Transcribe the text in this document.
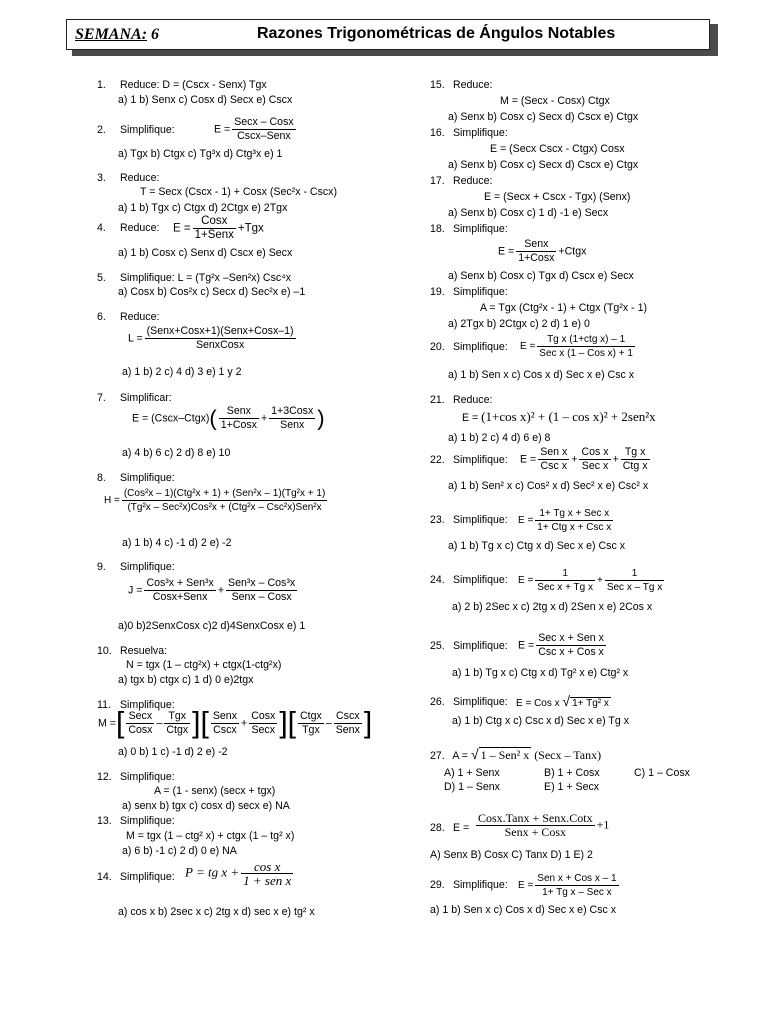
SEMANA: 6	Razones Trigonométricas de Ángulos Notables
1. Reduce: D = (Cscx - Senx) Tgx
a) 1 b) Senx c) Cosx d) Secx e) Cscx
2. Simplifique:	$E = \frac{\text{Secx – Cosx}}{\text{Cscx–Senx}}$
a) Tgx b) Ctgx c) Tg³x d) Ctg³x e) 1
3. Reduce:
T = Secx (Cscx - 1) + Cosx (Sec²x - Cscx)
a) 1 b) Tgx c) Ctgx d) 2Ctgx e) 2Tgx
4. Reduce: $E = \frac{\text{Cosx}}{\text{1+Senx}} +Tgx$
a) 1 b) Cosx c) Senx d) Cscx e) Secx
5. Simplifique: L = (Tg²x –Sen²x) Csc⁴x
a) Cosx b) Cos²x c) Secx d) Sec²x e) –1
6. Reduce:
$L = \frac{\text{(Senx+Cosx+1)(Senx+Cosx–1)}}{\text{SenxCosx}}$
a) 1 b) 2 c) 4 d) 3 e) 1 y 2
7. Simplificar:
E = (Cscx–Ctgx)( $\frac{\text{Senx}}{\text{1+Cosx}} + \frac{\text{1+3Cosx}}{\text{Senx}}$ )
a) 4 b) 6 c) 2 d) 8 e) 10
8. Simplifique:
$H = \frac{\text{(Cos²x – 1)(Ctg²x + 1) + (Sen²x – 1)(Tg²x + 1)}}{\text{(Tg²x – Sec²x)Cos²x + (Ctg²x – Csc²x)Sen²x}}$
a) 1 b) 4 c) -1 d) 2 e) -2
9. Simplifique:
$J = \frac{\text{Cos³x + Sen³x}}{\text{Cosx+Senx}} + \frac{\text{Sen³x – Cos³x}}{\text{Senx – Cosx}}$
a)0 b)2SenxCosx c)2 d)4SenxCosx e) 1
10. Resuelva:
N = tgx (1 – ctg²x) + ctgx(1-ctg²x)
a) tgx b) ctgx c) 1 d) 0 e)2tgx
11. Simplifique:
M =[ $\frac{\text{Secx}}{\text{Cosx}} - \frac{\text{Tgx}}{\text{Ctgx}}$ ][ $\frac{\text{Senx}}{\text{Cscx}} + \frac{\text{Cosx}}{\text{Secx}}$ ][ $\frac{\text{Ctgx}}{\text{Tgx}} - \frac{\text{Cscx}}{\text{Senx}}$ ]
a) 0 b) 1 c) -1 d) 2 e) -2
12. Simplifique:
A = (1 - senx) (secx + tgx)
a) senx b) tgx c) cosx d) secx e) NA
13. Simplifique:
M = tgx (1 – ctg² x) + ctgx (1 – tg² x)
a) 6 b) -1 c) 2 d) 0 e) NA
14. Simplifique: P = tg $x + \frac{\text{cos x}}{\text{1 + sen x}}$
a) cos x b) 2sec x c) 2tg x d) sec x e) tg² x
15. Reduce:
M = (Secx - Cosx) Ctgx
a) Senx b) Cosx c) Secx d) Cscx e) Ctgx
16. Simplifique:
E = (Secx Cscx - Ctgx) Cosx
a) Senx b) Cosx c) Secx d) Cscx e) Ctgx
17. Reduce:
E = (Secx + Cscx - Tgx) (Senx)
a) Senx b) Cosx c) 1 d) -1 e) Secx
18. Simplifique:
$E = \frac{\text{Senx}}{\text{1+Cosx}}$ +Ctgx
a) Senx b) Cosx c) Tgx d) Cscx e) Secx
19. Simplifique:
A = Tgx (Ctg²x - 1) + Ctgx (Tg²x - 1)
a) 2Tgx b) 2Ctgx c) 2 d) 1 e) 0
20. Simplifique: $E = \frac{\text{Tg x (1+ctg x) – 1}}{\text{Sec x (1 – Cos x) + 1}}$
a) 1 b) Sen x c) Cos x d) Sec x e) Csc x
21. Reduce:
E = (1+cos x)² + (1 – cos x)² + 2sen²x
a) 1 b) 2 c) 4 d) 6 e) 8
22. Simplifique: $E = \frac{\text{Sen x}}{\text{Csc x}} + \frac{\text{Cos x}}{\text{Sec x}} + \frac{\text{Tg x}}{\text{Ctg x}}$
a) 1 b) Sen² x c) Cos² x d) Sec² x e) Csc² x
23. Simplifique: $E = \frac{\text{1+ Tg x + Sec x}}{\text{1+ Ctg x + Csc x}}$
a) 1 b) Tg x c) Ctg x d) Sec x e) Csc x
24. Simplifique: $E = \frac{1}{\text{Sec x + Tg x}} + \frac{1}{\text{Sec x – Tg x}}$
a) 2 b) 2Sec x c) 2tg x d) 2Sen x e) 2Cos x
25. Simplifique: $E = \frac{\text{Sec x + Sen x}}{\text{Csc x + Cos x}}$
a) 1 b) Tg x c) Ctg x d) Tg² x e) Ctg² x
26. Simplifique: E = Cos x √ 1+ Tg² x
a) 1 b) Ctg x c) Csc x d) Sec x e) Tg x
27. A = √ 1 – Sen² x (Secx – Tanx)
A) 1 + Senx	B) 1 + Cosx	C) 1 – Cosx
D) 1 – Senx	E) 1 + Secx
28. $E = \frac{\text{Cosx.Tanx + Senx.Cotx}}{\text{Senx + Cosx}} +1$
A) Senx B) Cosx C) Tanx D) 1 E) 2
29. Simplifique: $E = \frac{\text{Sen x + Cos x – 1}}{\text{1+ Tg x – Sec x}}$
a) 1 b) Sen x c) Cos x d) Sec x e) Csc x
